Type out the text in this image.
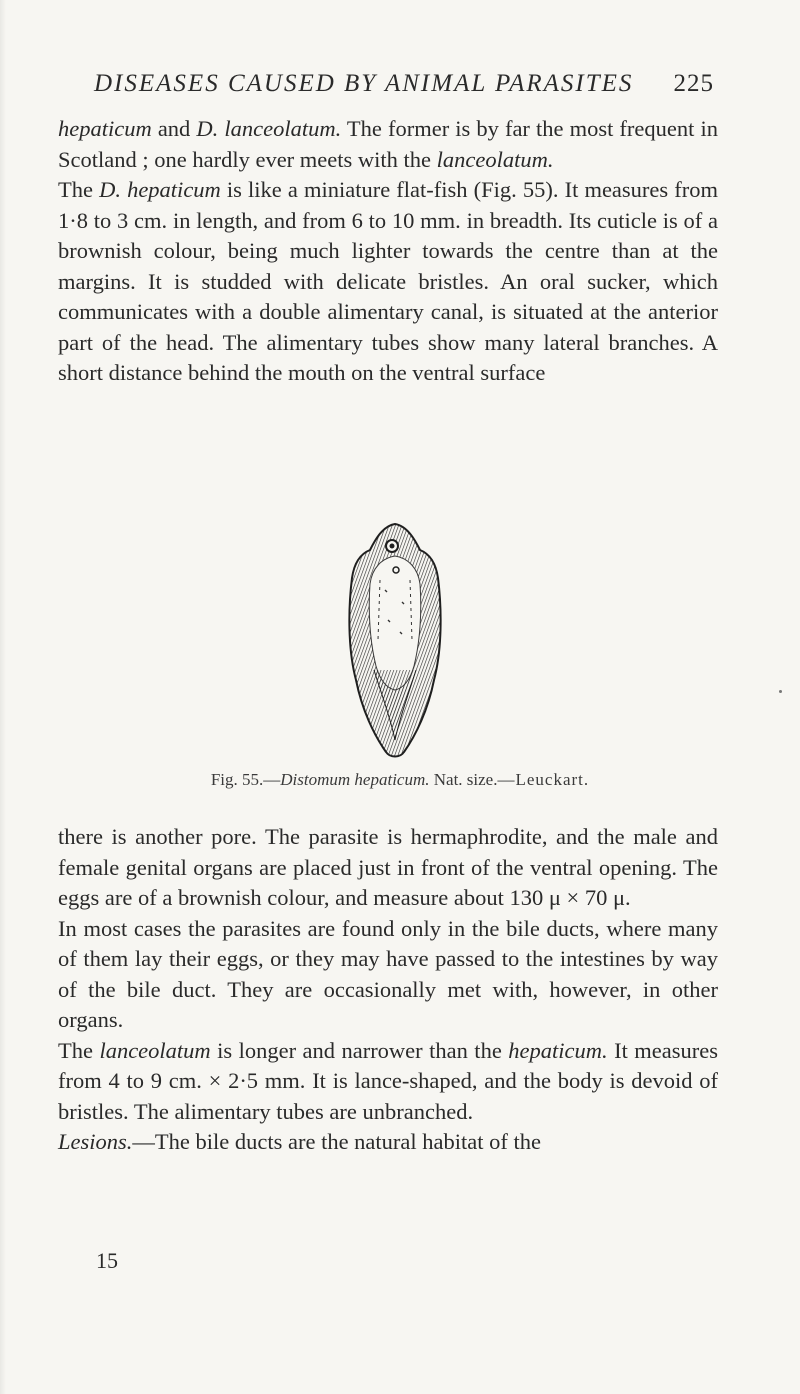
DISEASES CAUSED BY ANIMAL PARASITES 225

hepaticum and D. lanceolatum. The former is by far the most frequent in Scotland ; one hardly ever meets with the lanceolatum.

The D. hepaticum is like a miniature flat-fish (Fig. 55). It measures from 1·8 to 3 cm. in length, and from 6 to 10 mm. in breadth. Its cuticle is of a brownish colour, being much lighter towards the centre than at the margins. It is studded with delicate bristles. An oral sucker, which communicates with a double alimentary canal, is situated at the anterior part of the head. The alimentary tubes show many lateral branches. A short distance behind the mouth on the ventral surface

Fig. 55.—Distomum hepaticum. Nat. size.—Leuckart.

there is another pore. The parasite is hermaphrodite, and the male and female genital organs are placed just in front of the ventral opening. The eggs are of a brownish colour, and measure about 130 μ × 70 μ.

In most cases the parasites are found only in the bile ducts, where many of them lay their eggs, or they may have passed to the intestines by way of the bile duct. They are occasionally met with, however, in other organs.

The lanceolatum is longer and narrower than the hepaticum. It measures from 4 to 9 cm. × 2·5 mm. It is lance-shaped, and the body is devoid of bristles. The alimentary tubes are unbranched.

Lesions.—The bile ducts are the natural habitat of the

15
